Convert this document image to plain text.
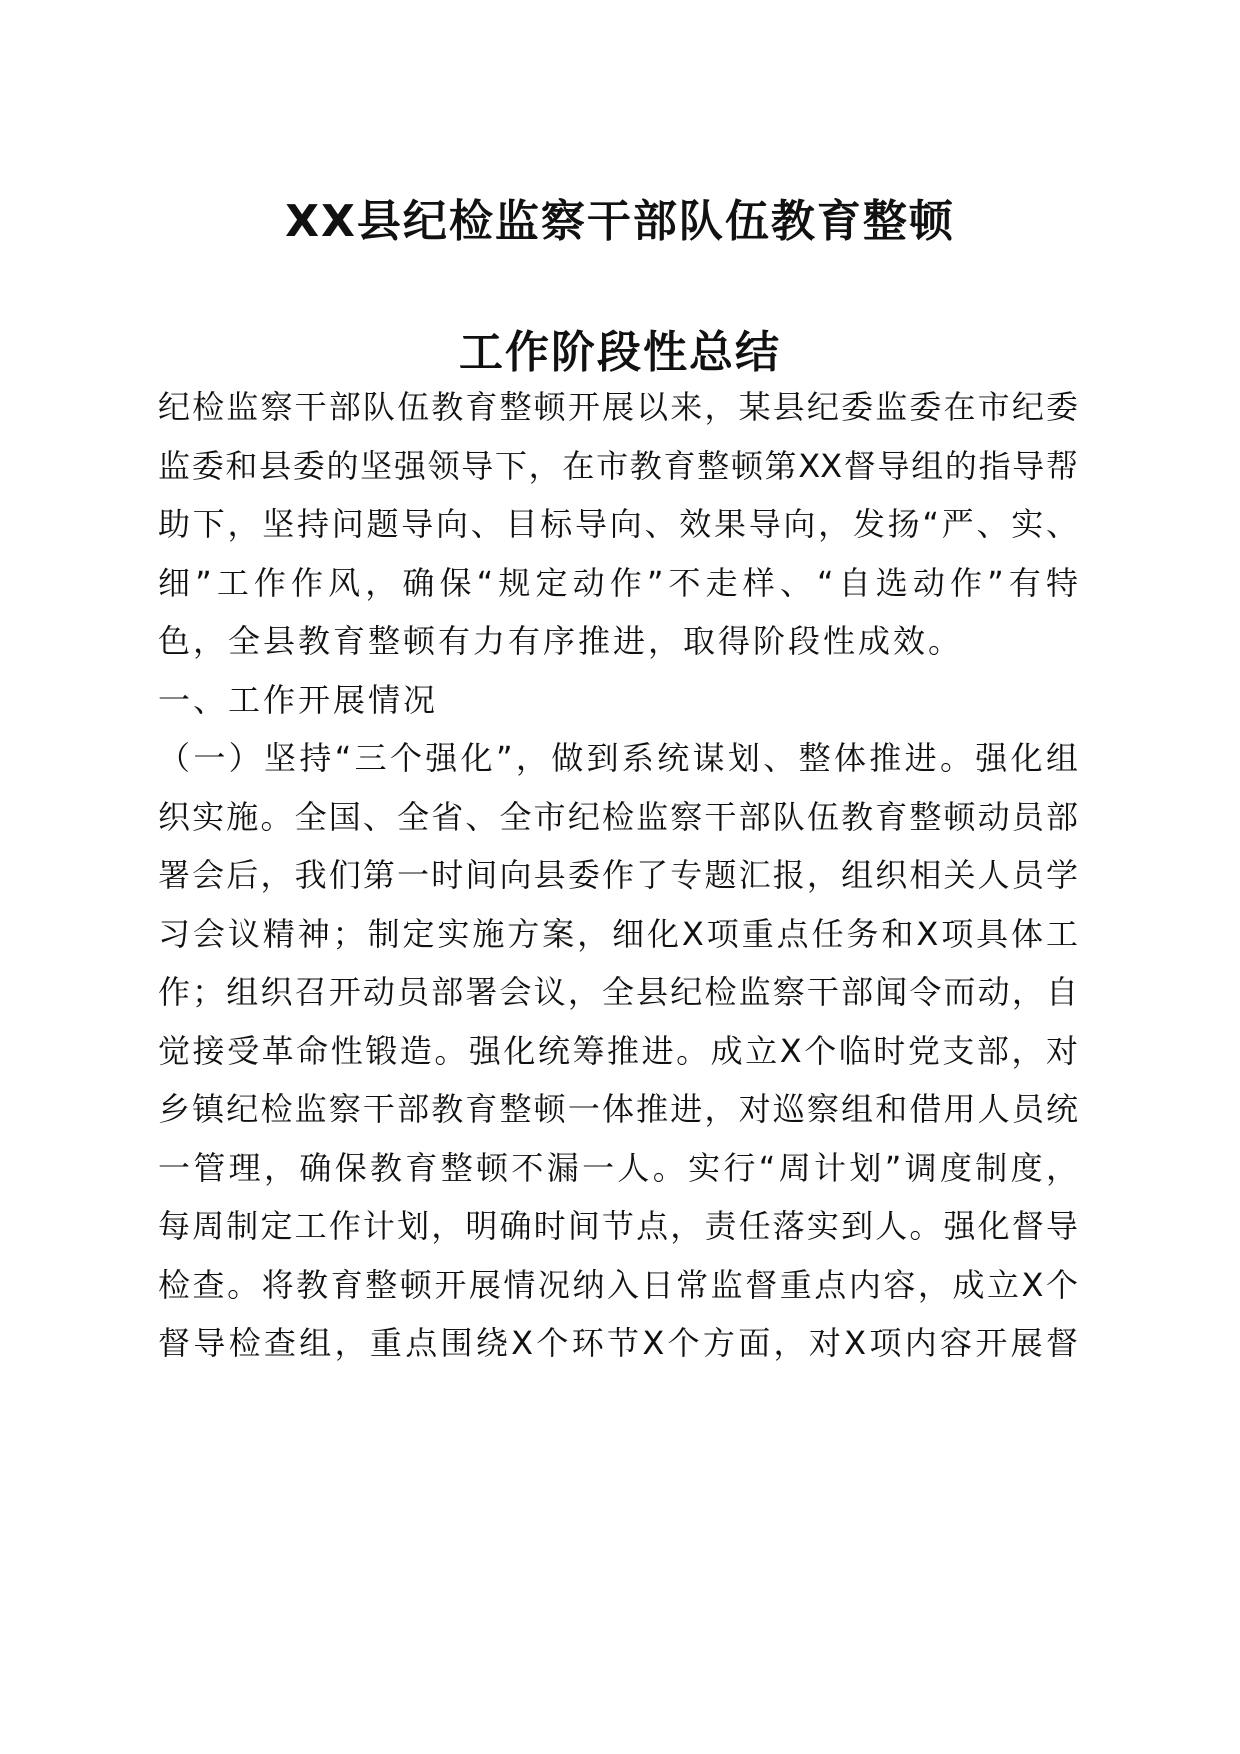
XX县纪检监察干部队伍教育整顿
工作阶段性总结
纪检监察干部队伍教育整顿开展以来，某县纪委监委在市纪委
监委和县委的坚强领导下，在市教育整顿第XX督导组的指导帮
助下，坚持问题导向、目标导向、效果导向，发扬“严、实、
细”工作作风，确保“规定动作”不走样、“自选动作”有特
色，全县教育整顿有力有序推进，取得阶段性成效。
一、工作开展情况
（一）坚持“三个强化”，做到系统谋划、整体推进。强化组
织实施。全国、全省、全市纪检监察干部队伍教育整顿动员部
署会后，我们第一时间向县委作了专题汇报，组织相关人员学
习会议精神；制定实施方案，细化X项重点任务和X项具体工
作；组织召开动员部署会议，全县纪检监察干部闻令而动，自
觉接受革命性锻造。强化统筹推进。成立X个临时党支部，对
乡镇纪检监察干部教育整顿一体推进，对巡察组和借用人员统
一管理，确保教育整顿不漏一人。实行“周计划”调度制度，
每周制定工作计划，明确时间节点，责任落实到人。强化督导
检查。将教育整顿开展情况纳入日常监督重点内容，成立X个
督导检查组，重点围绕X个环节X个方面，对X项内容开展督
